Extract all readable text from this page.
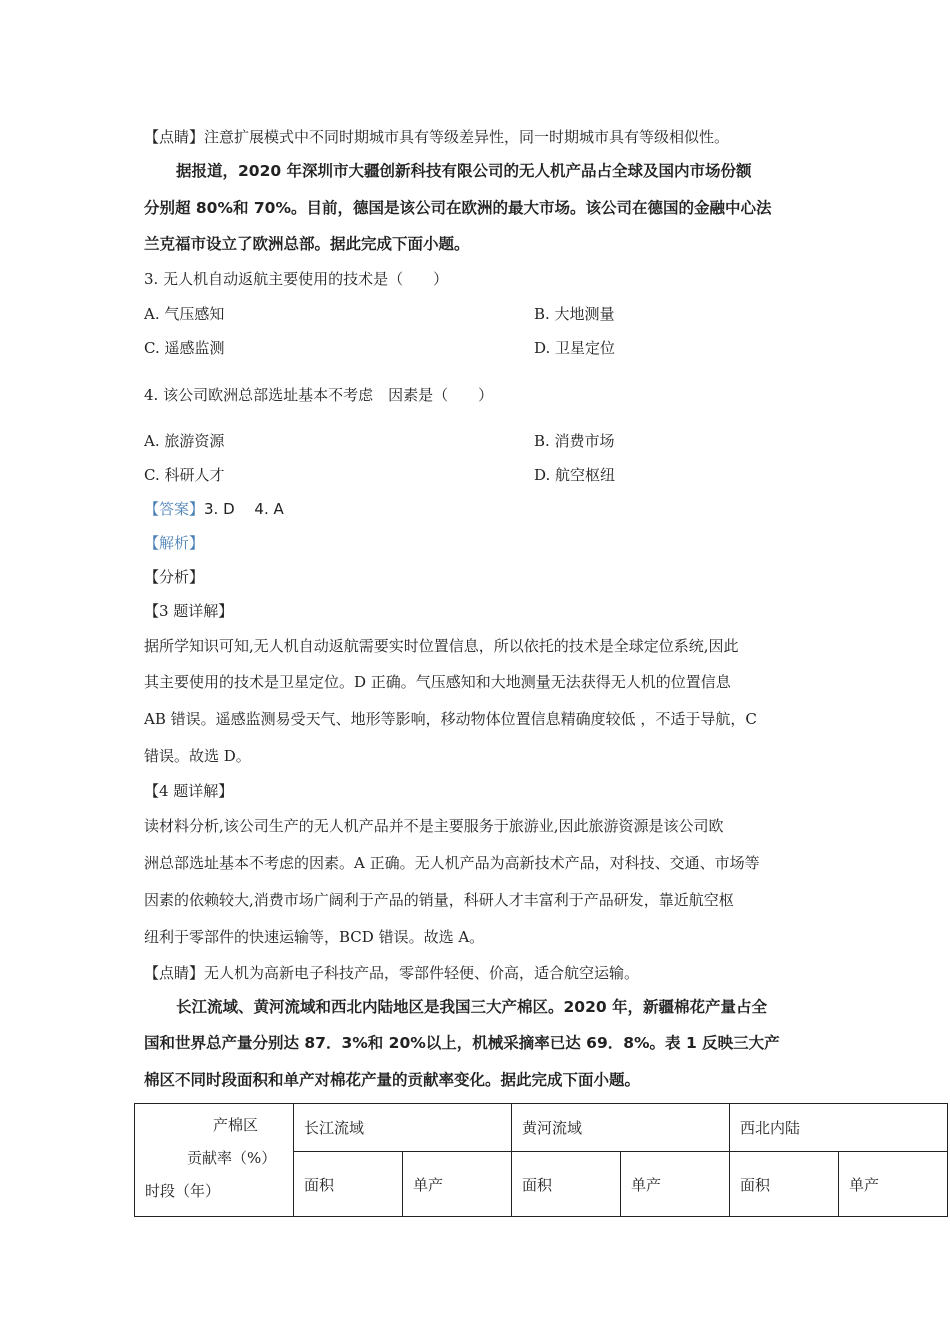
【点睛】注意扩展模式中不同时期城市具有等级差异性，同一时期城市具有等级相似性。
据报道，2020 年深圳市大疆创新科技有限公司的无人机产品占全球及国内市场份额
分别超 80%和 70%。目前，德国是该公司在欧洲的最大市场。该公司在德国的金融中心法
兰克福市设立了欧洲总部。据此完成下面小题。
3. 无人机自动返航主要使用的技术是（　　）
A. 气压感知	B. 大地测量
C. 遥感监测	D. 卫星定位
4. 该公司欧洲总部选址基本不考虑　因素是（　　）
A. 旅游资源	B. 消费市场
C. 科研人才	D. 航空枢纽
【答案】3. D　 4. A
【解析】
【分析】
【3 题详解】
据所学知识可知,无人机自动返航需要实时位置信息，所以依托的技术是全球定位系统,因此
其主要使用的技术是卫星定位。D 正确。气压感知和大地测量无法获得无人机的位置信息
AB 错误。遥感监测易受天气、地形等影响，移动物体位置信息精确度较低 ，不适于导航，C
错误。故选 D。
【4 题详解】
读材料分析,该公司生产的无人机产品并不是主要服务于旅游业,因此旅游资源是该公司欧
洲总部选址基本不考虑的因素。A 正确。无人机产品为高新技术产品，对科技、交通、市场等
因素的依赖较大,消费市场广阔利于产品的销量，科研人才丰富利于产品研发，靠近航空枢
纽利于零部件的快速运输等，BCD 错误。故选 A。
【点睛】无人机为高新电子科技产品，零部件轻便、价高，适合航空运输。
长江流域、黄河流域和西北内陆地区是我国三大产棉区。2020 年，新疆棉花产量占全
国和世界总产量分别达 87．3%和 20%以上，机械采摘率已达 69．8%。表 1 反映三大产
棉区不同时段面积和单产对棉花产量的贡献率变化。据此完成下面小题。
产棉区
贡献率（%）
时段（年）	长江流域		黄河流域		西北内陆	
	面积	单产	面积	单产	面积	单产
